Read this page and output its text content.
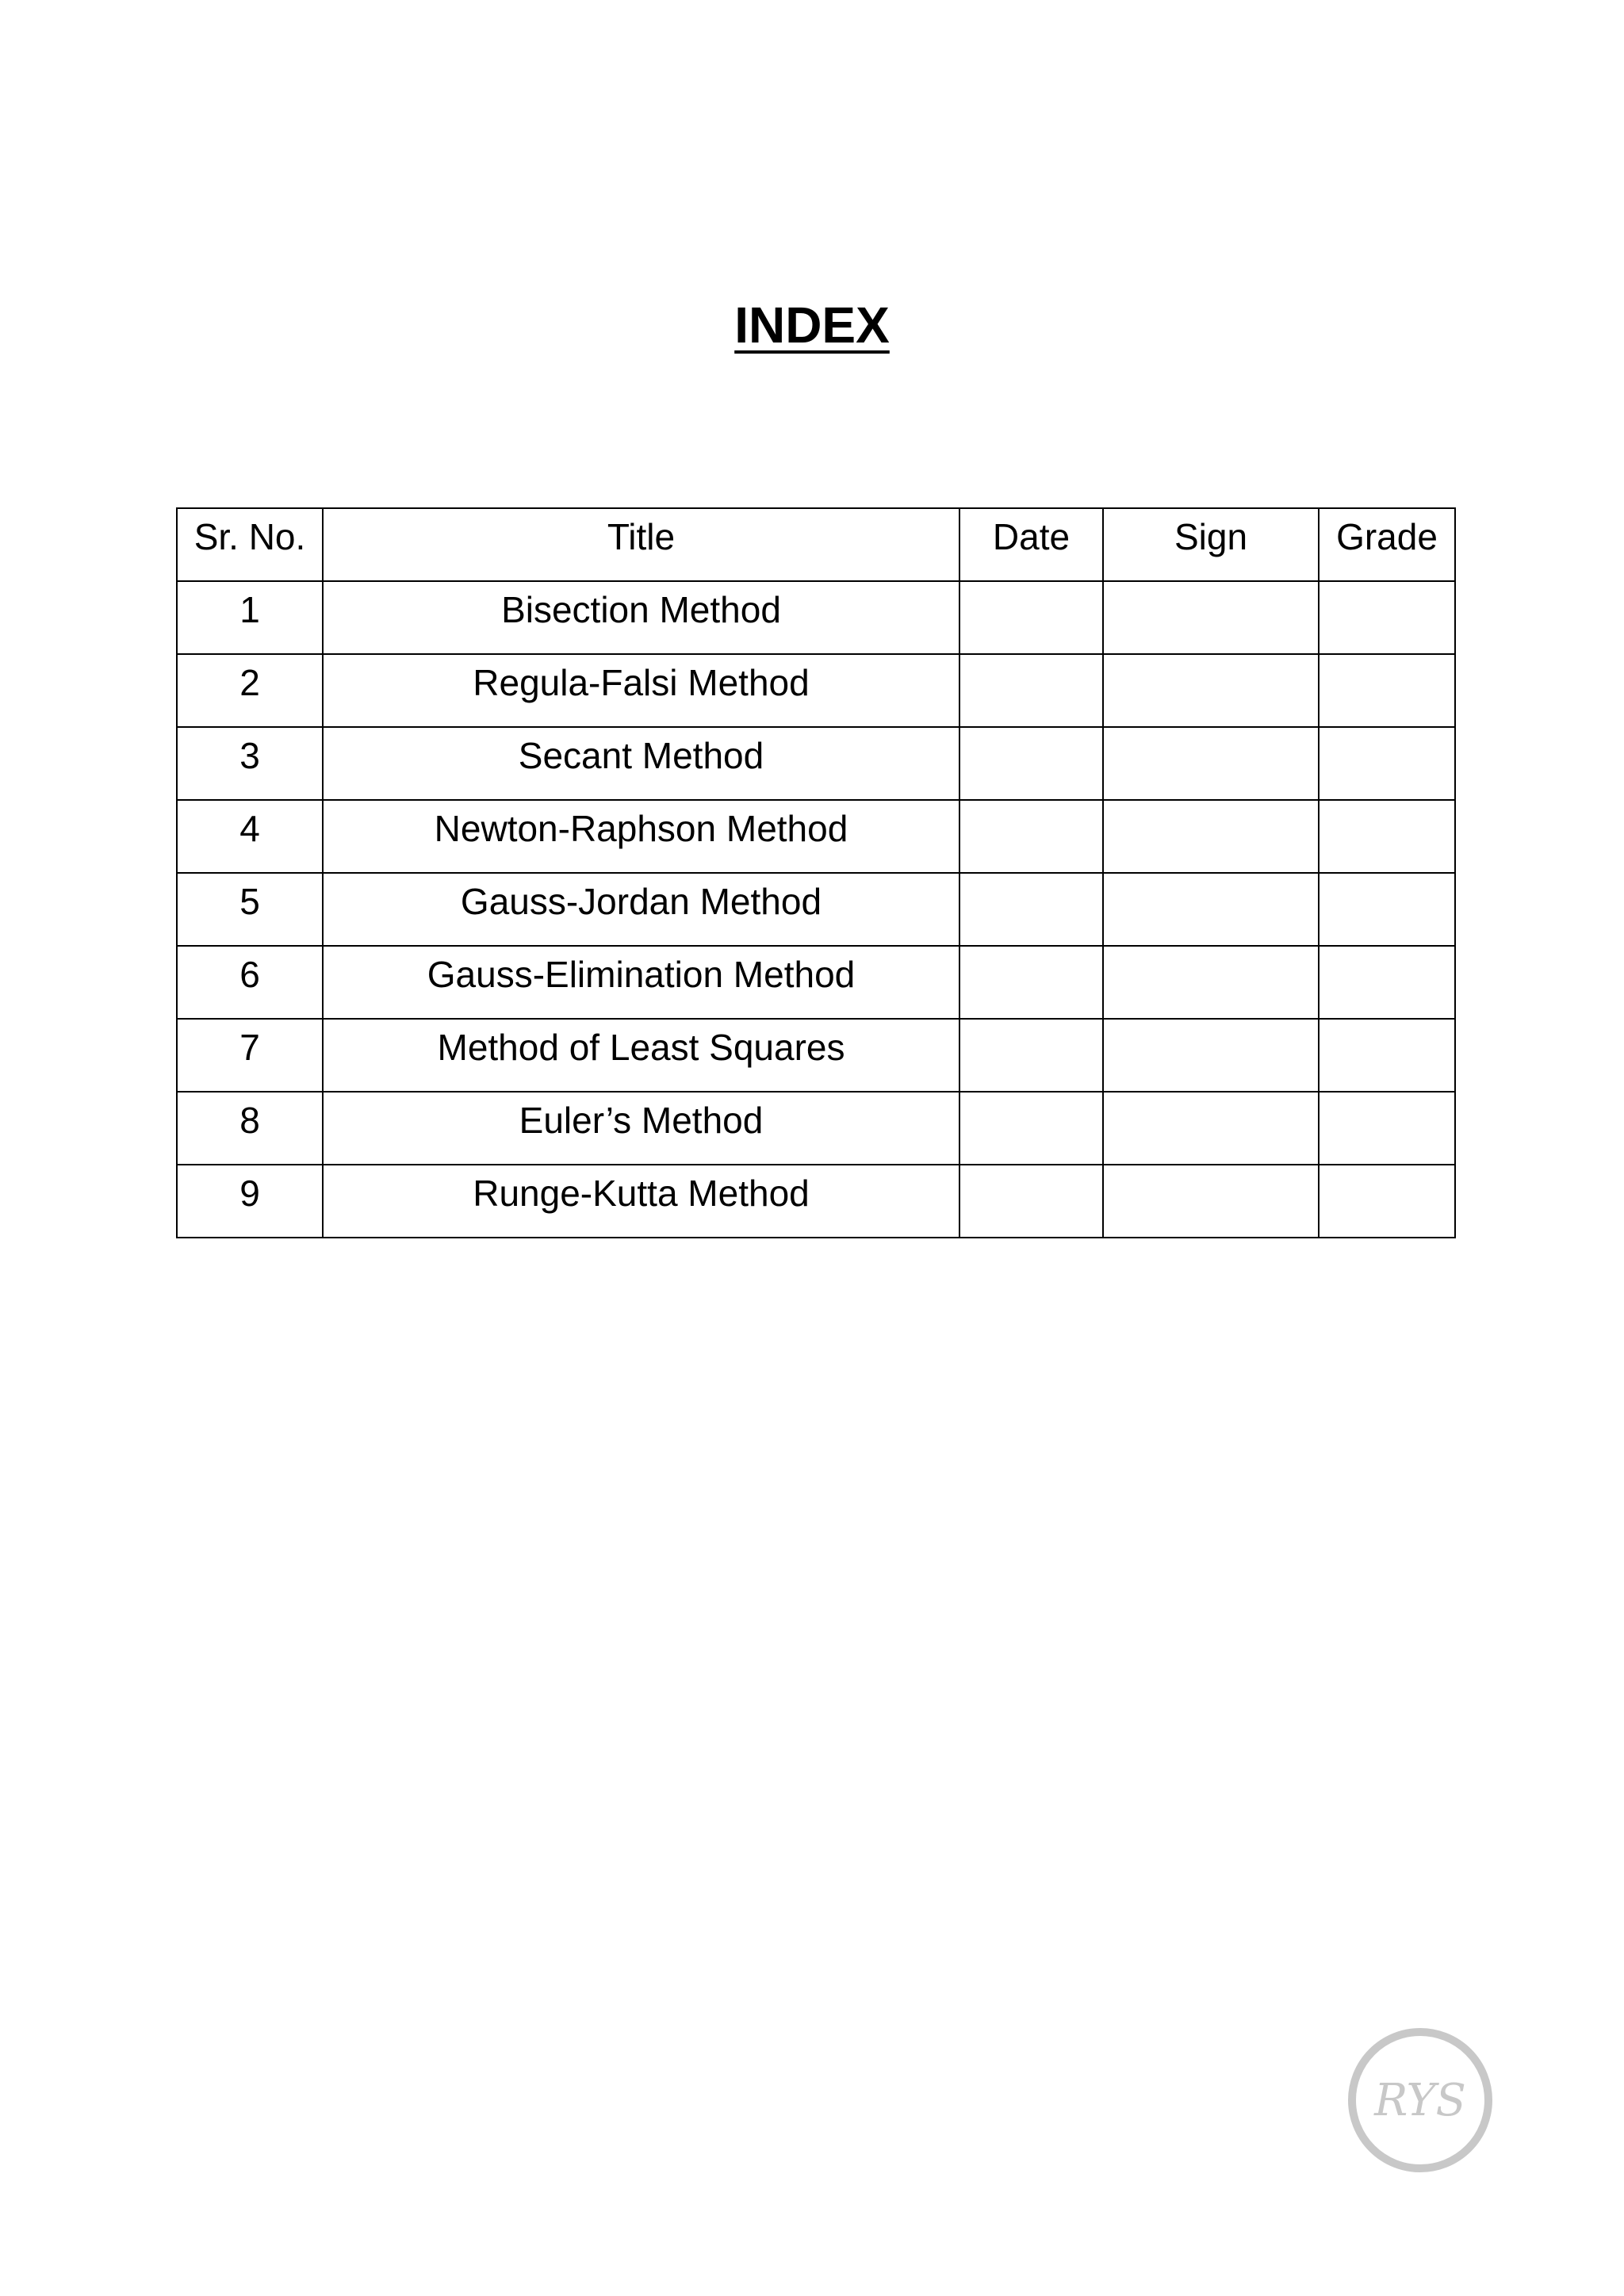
INDEX
Sr. No.	Title	Date	Sign	Grade
1	Bisection Method			
2	Regula-Falsi Method			
3	Secant Method			
4	Newton-Raphson Method			
5	Gauss-Jordan Method			
6	Gauss-Elimination Method			
7	Method of Least Squares			
8	Euler’s Method			
9	Runge-Kutta Method			
RYS
